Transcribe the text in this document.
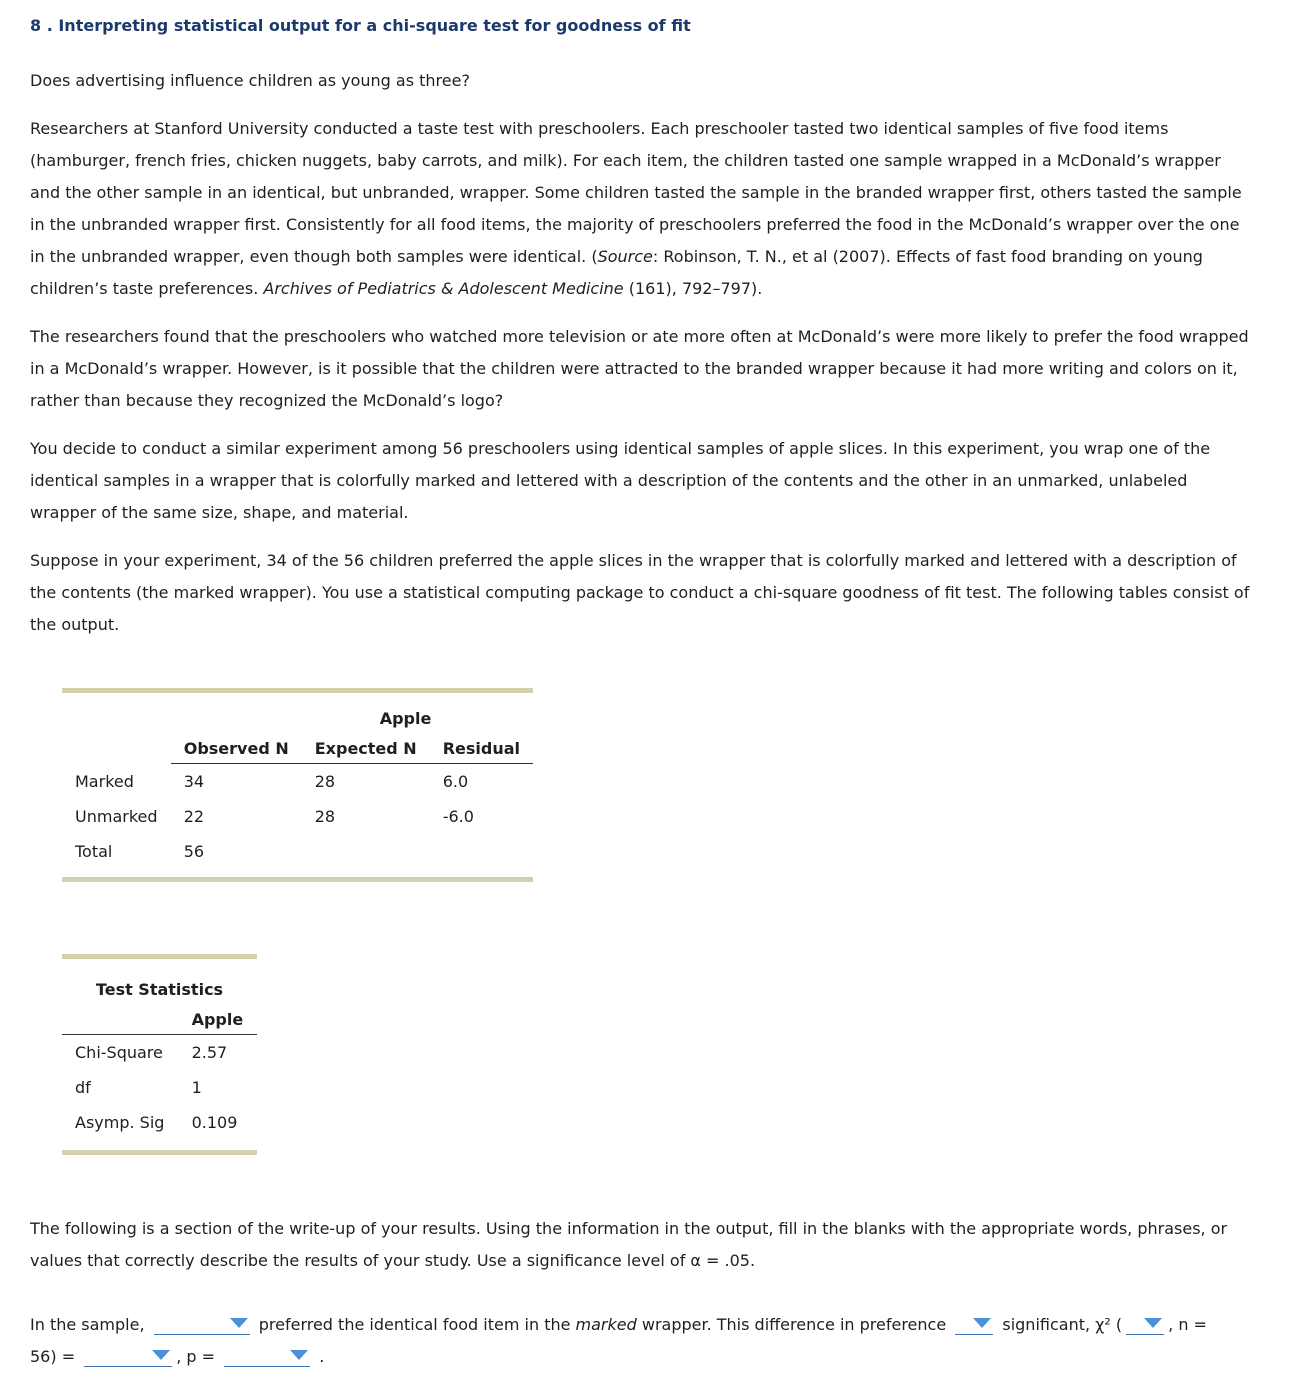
8 . Interpreting statistical output for a chi-square test for goodness of fit

Does advertising influence children as young as three?

Researchers at Stanford University conducted a taste test with preschoolers. Each preschooler tasted two identical samples of five food items (hamburger, french fries, chicken nuggets, baby carrots, and milk). For each item, the children tasted one sample wrapped in a McDonald’s wrapper and the other sample in an identical, but unbranded, wrapper. Some children tasted the sample in the branded wrapper first, others tasted the sample in the unbranded wrapper first. Consistently for all food items, the majority of preschoolers preferred the food in the McDonald’s wrapper over the one in the unbranded wrapper, even though both samples were identical. (Source: Robinson, T. N., et al (2007). Effects of fast food branding on young children’s taste preferences. Archives of Pediatrics & Adolescent Medicine (161), 792–797).

The researchers found that the preschoolers who watched more television or ate more often at McDonald’s were more likely to prefer the food wrapped in a McDonald’s wrapper. However, is it possible that the children were attracted to the branded wrapper because it had more writing and colors on it, rather than because they recognized the McDonald’s logo?

You decide to conduct a similar experiment among 56 preschoolers using identical samples of apple slices. In this experiment, you wrap one of the identical samples in a wrapper that is colorfully marked and lettered with a description of the contents and the other in an unmarked, unlabeled wrapper of the same size, shape, and material.

Suppose in your experiment, 34 of the 56 children preferred the apple slices in the wrapper that is colorfully marked and lettered with a description of the contents (the marked wrapper). You use a statistical computing package to conduct a chi-square goodness of fit test. The following tables consist of the output.

	Apple		
	Observed N	Expected N	Residual
Marked	34	28	6.0
Unmarked	22	28	-6.0
Total	56		
Test Statistics	
	Apple
Chi-Square	2.57
df	1
Asymp. Sig	0.109

The following is a section of the write-up of your results. Using the information in the output, fill in the blanks with the appropriate words, phrases, or values that correctly describe the results of your study. Use a significance level of α = .05.

In the sample,	preferred the identical food item in the marked wrapper. This difference in preference	significant, χ² (	, n =
56) =	, p =	.
